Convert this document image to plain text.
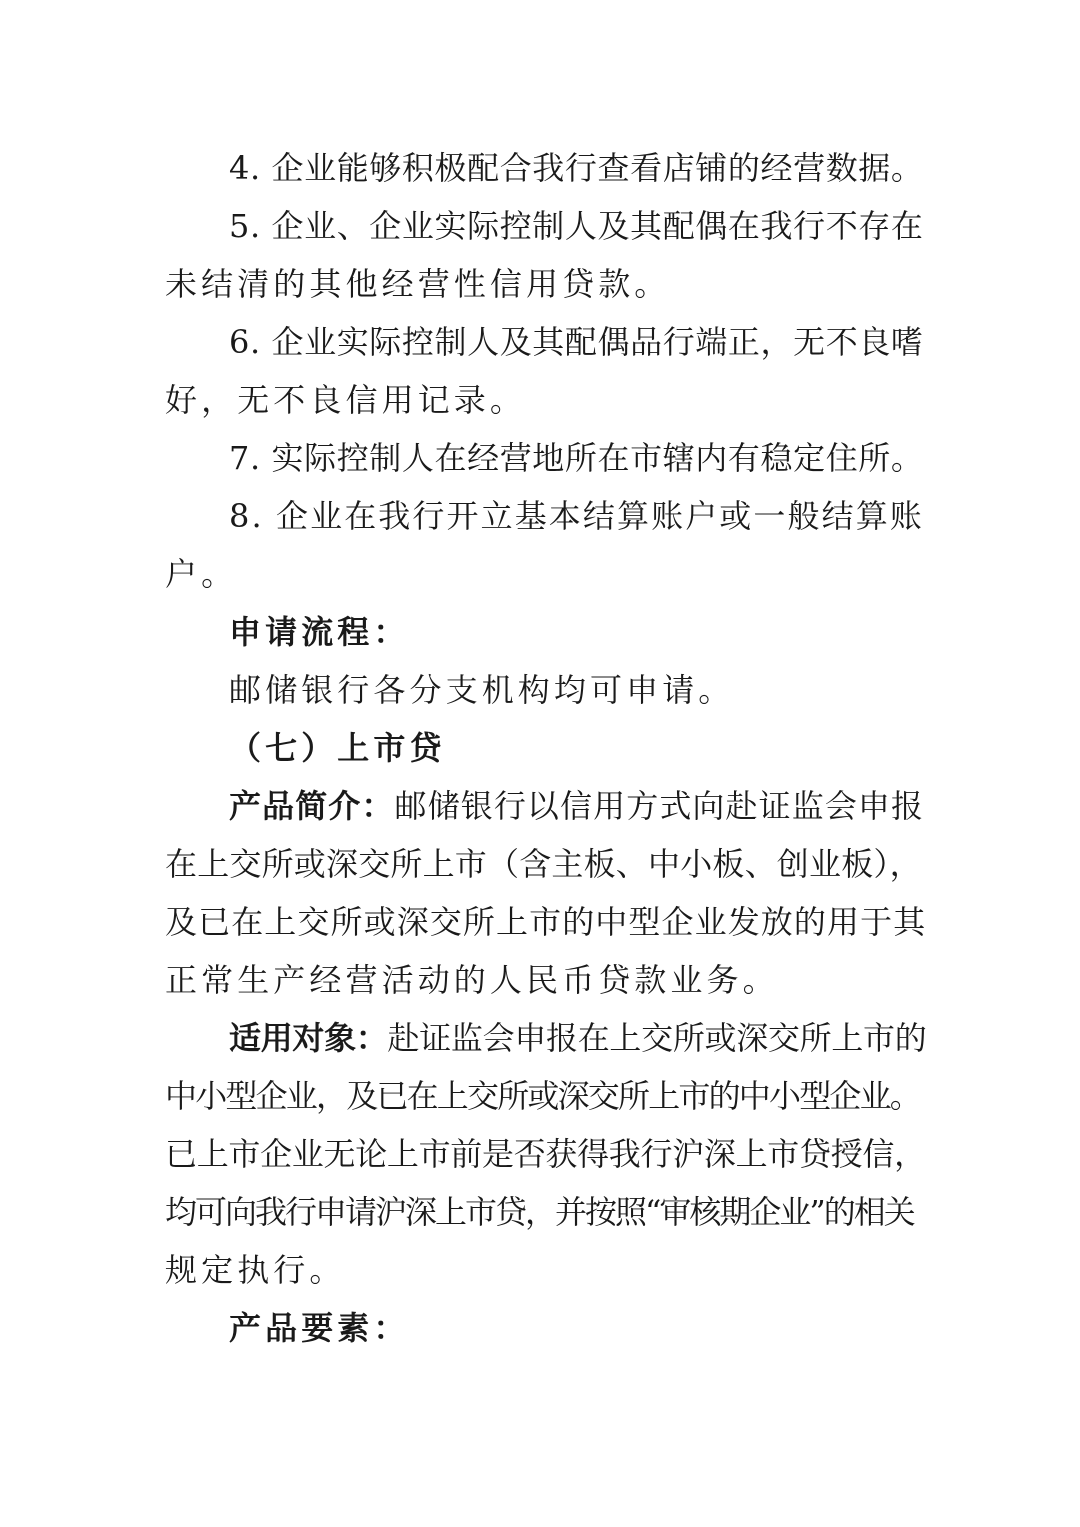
4. 企业能够积极配合我行查看店铺的经营数据。
5. 企业、企业实际控制人及其配偶在我行不存在
未结清的其他经营性信用贷款。
6. 企业实际控制人及其配偶品行端正，无不良嗜
好，无不良信用记录。
7. 实际控制人在经营地所在市辖内有稳定住所。
8. 企业在我行开立基本结算账户或一般结算账
户。
申请流程：
邮储银行各分支机构均可申请。
（七）上市贷
产品简介：邮储银行以信用方式向赴证监会申报
在上交所或深交所上市（含主板、中小板、创业板），
及已在上交所或深交所上市的中型企业发放的用于其
正常生产经营活动的人民币贷款业务。
适用对象：赴证监会申报在上交所或深交所上市的
中小型企业，及已在上交所或深交所上市的中小型企业。
已上市企业无论上市前是否获得我行沪深上市贷授信，
均可向我行申请沪深上市贷，并按照“审核期企业”的相关
规定执行。
产品要素：
